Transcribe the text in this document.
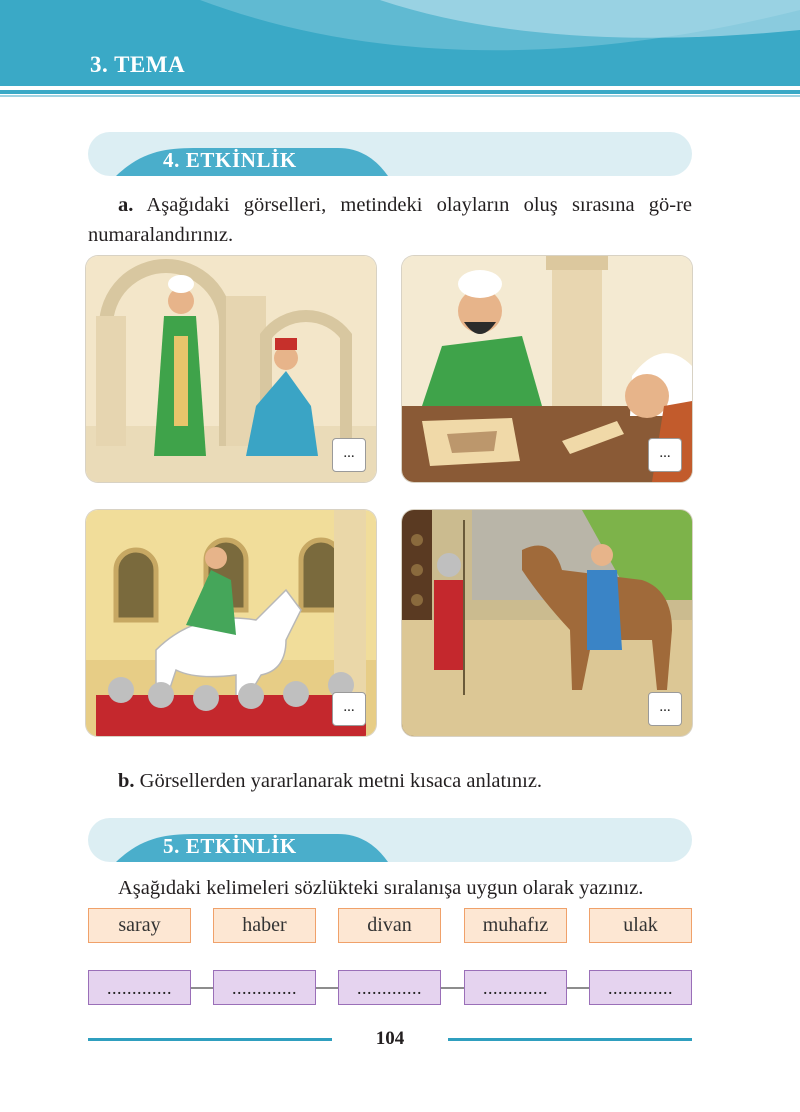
3. TEMA
4. ETKİNLİK
a. Aşağıdaki görselleri, metindeki olayların oluş sırasına gö-re numaralandırınız.
...	...
...	...
b. Görsellerden yararlanarak metni kısaca anlatınız.
5. ETKİNLİK
Aşağıdaki kelimeleri sözlükteki sıralanışa uygun olarak yazınız.
saray	haber	divan	muhafız	ulak
.............	.............	.............	.............	.............
104
